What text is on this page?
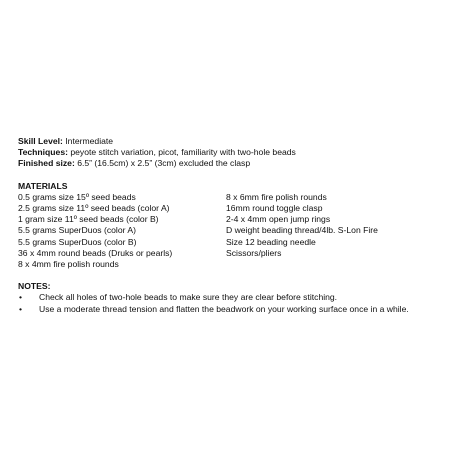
Skill Level: Intermediate
Techniques: peyote stitch variation, picot, familiarity with two-hole beads
Finished size: 6.5” (16.5cm) x 2.5” (3cm) excluded the clasp
MATERIALS
0.5 grams size 15º seed beads
2.5 grams size 11º seed beads (color A)
1 gram size 11º seed beads (color B)
5.5 grams SuperDuos (color A)
5.5 grams SuperDuos (color B)
36 x 4mm round beads (Druks or pearls)
8 x 4mm fire polish rounds
8 x 6mm fire polish rounds
16mm round toggle clasp
2-4 x 4mm open jump rings
D weight beading thread/4lb. S-Lon Fire
Size 12 beading needle
Scissors/pliers
NOTES:
• Check all holes of two-hole beads to make sure they are clear before stitching.
• Use a moderate thread tension and flatten the beadwork on your working surface once in a while.
